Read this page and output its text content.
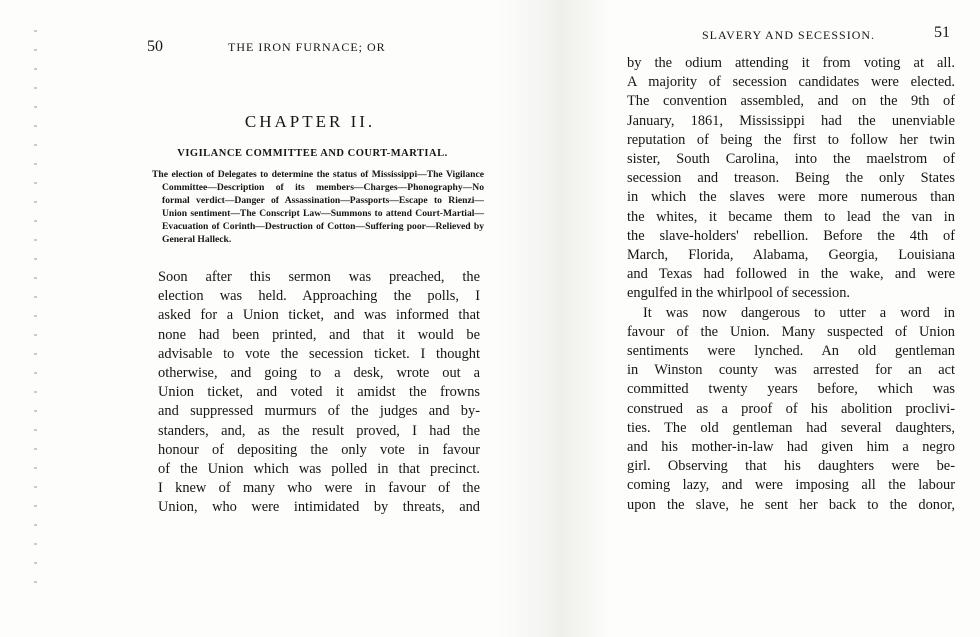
50	THE IRON FURNACE; OR
CHAPTER II.
VIGILANCE COMMITTEE AND COURT-MARTIAL.
The election of Delegates to determine the status of Mississippi—The Vigilance Committee—Description of its members—Charges—Phonography—No formal verdict—Danger of Assassination—Passports—Escape to Rienzi—Union sentiment—The Conscript Law—Summons to attend Court-Martial—Evacuation of Corinth—Destruction of Cotton—Suffering poor—Relieved by General Halleck.
Soon after this sermon was preached, the
election was held. Approaching the polls, I
asked for a Union ticket, and was informed that
none had been printed, and that it would be
advisable to vote the secession ticket. I thought
otherwise, and going to a desk, wrote out a
Union ticket, and voted it amidst the frowns
and suppressed murmurs of the judges and by-
standers, and, as the result proved, I had the
honour of depositing the only vote in favour
of the Union which was polled in that precinct.
I knew of many who were in favour of the
Union, who were intimidated by threats, and
SLAVERY AND SECESSION.	51
by the odium attending it from voting at all.
A majority of secession candidates were elected.
The convention assembled, and on the 9th of
January, 1861, Mississippi had the unenviable
reputation of being the first to follow her twin
sister, South Carolina, into the maelstrom of
secession and treason. Being the only States
in which the slaves were more numerous than
the whites, it became them to lead the van in
the slave-holders' rebellion. Before the 4th of
March, Florida, Alabama, Georgia, Louisiana
and Texas had followed in the wake, and were
engulfed in the whirlpool of secession.
It was now dangerous to utter a word in
favour of the Union. Many suspected of Union
sentiments were lynched. An old gentleman
in Winston county was arrested for an act
committed twenty years before, which was
construed as a proof of his abolition proclivi-
ties. The old gentleman had several daughters,
and his mother-in-law had given him a negro
girl. Observing that his daughters were be-
coming lazy, and were imposing all the labour
upon the slave, he sent her back to the donor,
